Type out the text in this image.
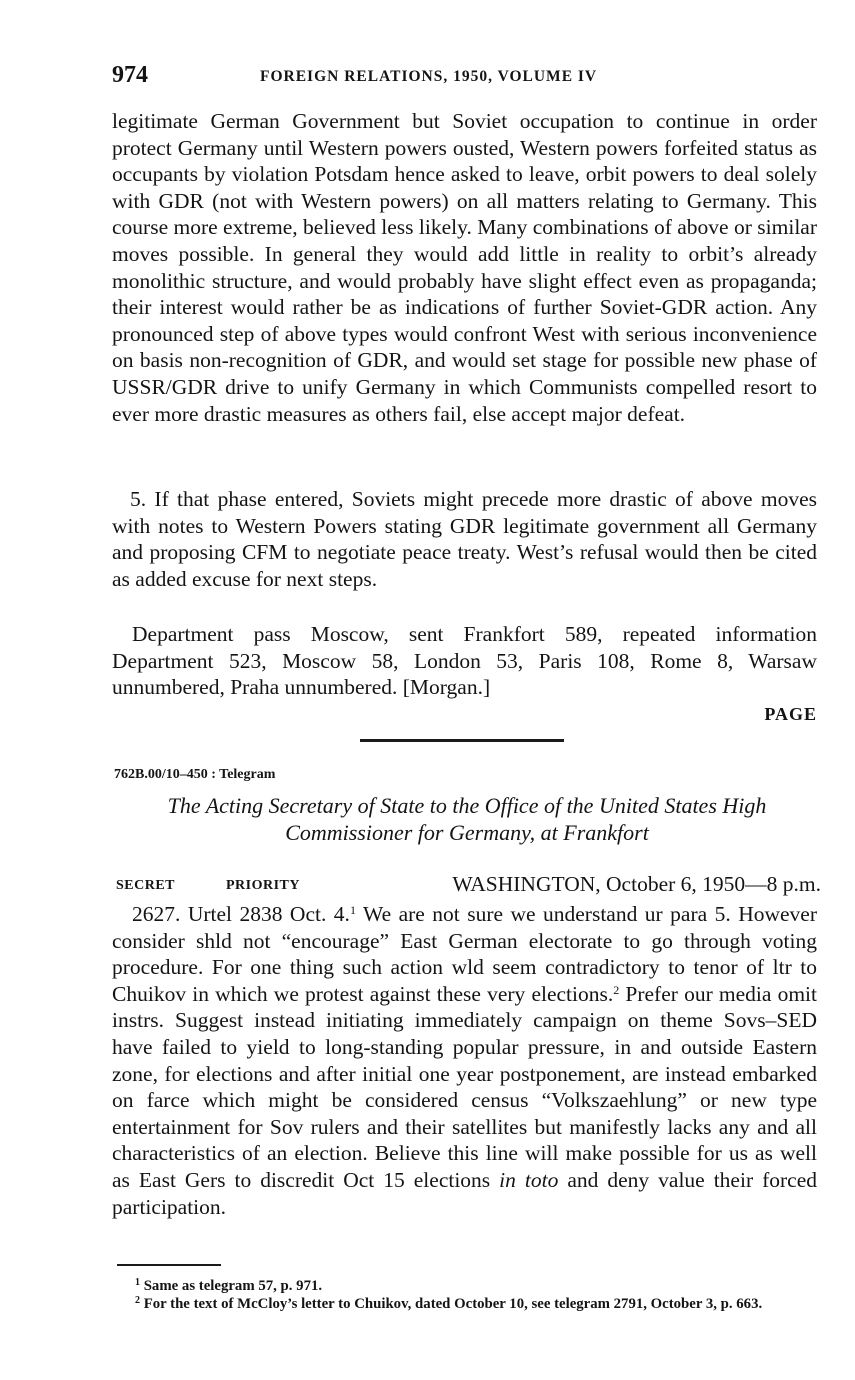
974	FOREIGN RELATIONS, 1950, VOLUME IV

legitimate German Government but Soviet occupation to continue in order protect Germany until Western powers ousted, Western powers forfeited status as occupants by violation Potsdam hence asked to leave, orbit powers to deal solely with GDR (not with Western powers) on all matters relating to Germany. This course more extreme, believed less likely. Many combinations of above or similar moves possible. In general they would add little in reality to orbit’s already monolithic structure, and would probably have slight effect even as propaganda; their interest would rather be as indications of further Soviet-GDR action. Any pronounced step of above types would confront West with serious inconvenience on basis non-recognition of GDR, and would set stage for possible new phase of USSR/GDR drive to unify Germany in which Communists compelled resort to ever more drastic measures as others fail, else accept major defeat.

5. If that phase entered, Soviets might precede more drastic of above moves with notes to Western Powers stating GDR legitimate government all Germany and proposing CFM to negotiate peace treaty. West’s refusal would then be cited as added excuse for next steps.

Department pass Moscow, sent Frankfort 589, repeated information Department 523, Moscow 58, London 53, Paris 108, Rome 8, Warsaw unnumbered, Praha unnumbered. [Morgan.]

PAGE
762B.00/10–450 : Telegram

The Acting Secretary of State to the Office of the United States High Commissioner for Germany, at Frankfort

SECRET	PRIORITY	WASHINGTON, October 6, 1950—8 p.m.

2627. Urtel 2838 Oct. 4.$^1$ We are not sure we understand ur para 5. However consider shld not “encourage” East German electorate to go through voting procedure. For one thing such action wld seem contradictory to tenor of ltr to Chuikov in which we protest against these very elections.$^2$ Prefer our media omit instrs. Suggest instead initiating immediately campaign on theme Sovs–SED have failed to yield to long-standing popular pressure, in and outside Eastern zone, for elections and after initial one year postponement, are instead embarked on farce which might be considered census “Volkszaehlung” or new type entertainment for Sov rulers and their satellites but manifestly lacks any and all characteristics of an election. Believe this line will make possible for us as well as East Gers to discredit Oct 15 elections in toto and deny value their forced participation.

$^1$ Same as telegram 57, p. 971.

$^2$ For the text of McCloy’s letter to Chuikov, dated October 10, see telegram 2791, October 3, p. 663.
